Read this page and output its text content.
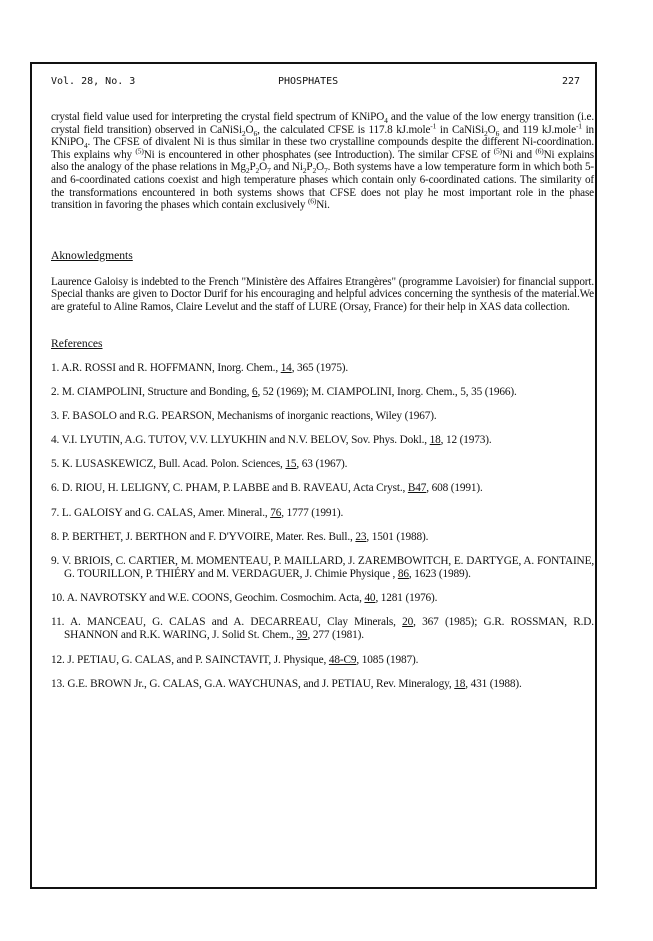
Vol. 28, No. 3	PHOSPHATES	227
crystal field value used for interpreting the crystal field spectrum of KNiPO$_4$ and the value of the low energy transition (i.e. crystal field transition) observed in $CaNiSi_2O_6$, the calculated CFSE is 117.8 kJ.mole$^{-1}$ in $CaNiSi_2O_6$ and 119 kJ.mole$^{-1}$ in KNiPO$_4$. The CFSE of divalent Ni is thus similar in these two crystalline compounds despite the different Ni-coordination. This explains why $^{(5)}$Ni is encountered in other phosphates (see Introduction). The similar CFSE of $^{(5)}$Ni and $^{(6)}$Ni explains also the analogy of the phase relations in $Mg_2P_2O_7$ and $Ni_2P_2O_7$. Both systems have a low temperature form in which both 5- and 6-coordinated cations coexist and high temperature phases which contain only 6-coordinated cations. The similarity of the transformations encountered in both systems shows that CFSE does not play he most important role in the phase transition in favoring the phases which contain exclusively $^{(6)}$Ni.
Aknowledgments
Laurence Galoisy is indebted to the French "Ministère des Affaires Etrangères" (programme Lavoisier) for financial support. Special thanks are given to Doctor Durif for his encouraging and helpful advices concerning the synthesis of the material.We are grateful to Aline Ramos, Claire Levelut and the staff of LURE (Orsay, France) for their help in XAS data collection.
References
1. A.R. ROSSI and R. HOFFMANN, Inorg. Chem., 14, 365 (1975).
2. M. CIAMPOLINI, Structure and Bonding, 6, 52 (1969); M. CIAMPOLINI, Inorg. Chem., 5, 35 (1966).
3. F. BASOLO and R.G. PEARSON, Mechanisms of inorganic reactions, Wiley (1967).
4. V.I. LYUTIN, A.G. TUTOV, V.V. LLYUKHIN and N.V. BELOV, Sov. Phys. Dokl., 18, 12 (1973).
5. K. LUSASKEWICZ, Bull. Acad. Polon. Sciences, 15, 63 (1967).
6. D. RIOU, H. LELIGNY, C. PHAM, P. LABBE and B. RAVEAU, Acta Cryst., B47, 608 (1991).
7. L. GALOISY and G. CALAS, Amer. Mineral., 76, 1777 (1991).
8. P. BERTHET, J. BERTHON and F. D'YVOIRE, Mater. Res. Bull., 23, 1501 (1988).
9. V. BRIOIS, C. CARTIER, M. MOMENTEAU, P. MAILLARD, J. ZAREMBOWITCH, E. DARTYGE, A. FONTAINE, G. TOURILLON, P. THIÉRY and M. VERDAGUER, J. Chimie Physique , 86, 1623 (1989).
10. A. NAVROTSKY and W.E. COONS, Geochim. Cosmochim. Acta, 40, 1281 (1976).
11. A. MANCEAU, G. CALAS and A. DECARREAU, Clay Minerals, 20, 367 (1985); G.R. ROSSMAN, R.D. SHANNON and R.K. WARING, J. Solid St. Chem., 39, 277 (1981).
12. J. PETIAU, G. CALAS, and P. SAINCTAVIT, J. Physique, 48-C9, 1085 (1987).
13. G.E. BROWN Jr., G. CALAS, G.A. WAYCHUNAS, and J. PETIAU, Rev. Mineralogy, 18, 431 (1988).
